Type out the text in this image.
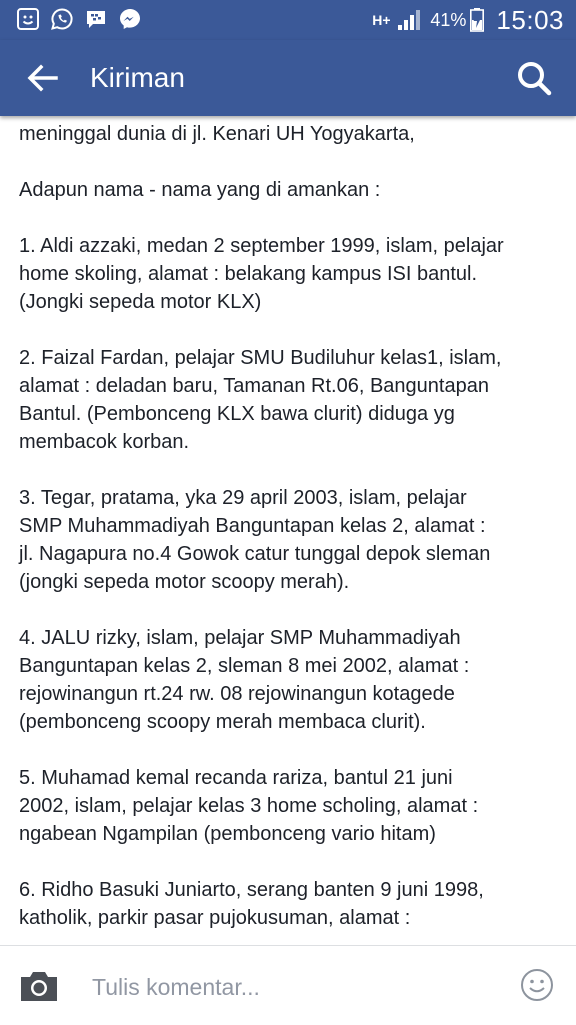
H+ 41% 15:03
Kiriman

meninggal dunia di jl. Kenari UH Yogyakarta,

Adapun nama - nama yang di amankan :

1. Aldi azzaki, medan 2 september 1999, islam, pelajar
home skoling, alamat : belakang kampus ISI bantul.
(Jongki sepeda motor KLX)

2. Faizal Fardan, pelajar SMU Budiluhur kelas1, islam,
alamat : deladan baru, Tamanan Rt.06, Banguntapan
Bantul. (Pembonceng KLX bawa clurit) diduga yg
membacok korban.

3. Tegar, pratama, yka 29 april 2003, islam, pelajar
SMP Muhammadiyah Banguntapan kelas 2, alamat :
jl. Nagapura no.4 Gowok catur tunggal depok sleman
(jongki sepeda motor scoopy merah).

4. JALU rizky, islam, pelajar SMP Muhammadiyah
Banguntapan kelas 2, sleman 8 mei 2002, alamat :
rejowinangun rt.24 rw. 08 rejowinangun kotagede
(pembonceng scoopy merah membaca clurit).

5. Muhamad kemal recanda rariza, bantul 21 juni
2002, islam, pelajar kelas 3 home scholing, alamat :
ngabean Ngampilan (pembonceng vario hitam)

6. Ridho Basuki Juniarto, serang banten 9 juni 1998,
katholik, parkir pasar pujokusuman, alamat :

Tulis komentar...
